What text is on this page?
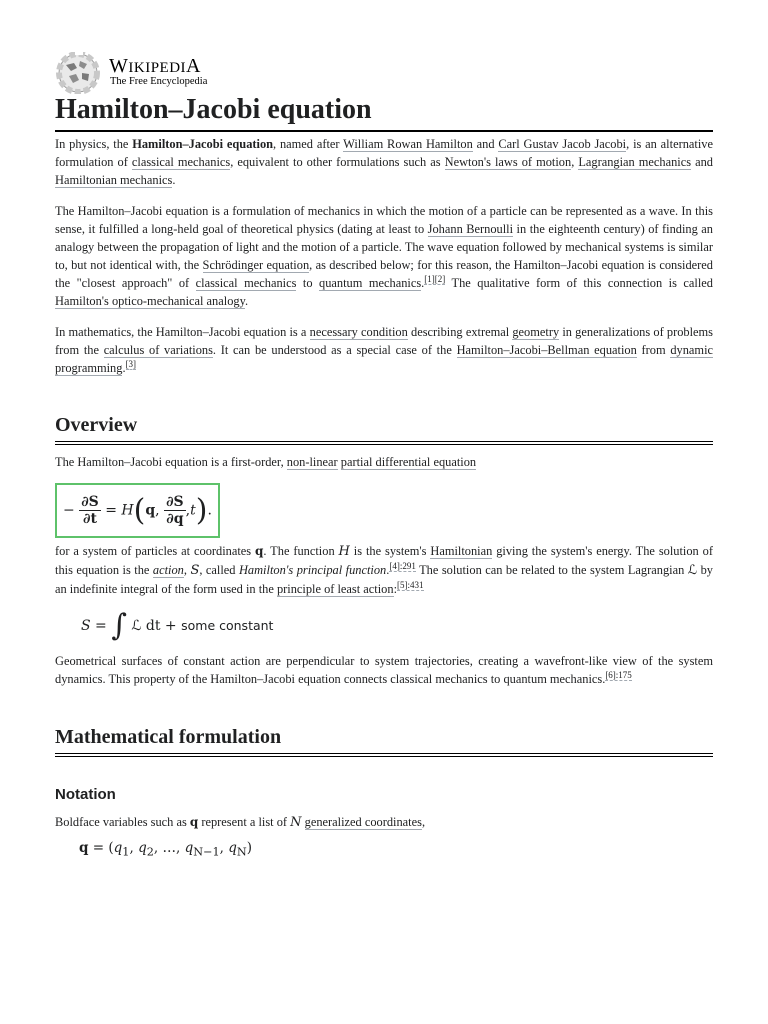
WIKIPEDIA
The Free Encyclopedia
Hamilton–Jacobi equation

In physics, the Hamilton–Jacobi equation, named after William Rowan Hamilton and Carl Gustav Jacob Jacobi, is an alternative formulation of classical mechanics, equivalent to other formulations such as Newton's laws of motion, Lagrangian mechanics and Hamiltonian mechanics.

The Hamilton–Jacobi equation is a formulation of mechanics in which the motion of a particle can be represented as a wave. In this sense, it fulfilled a long-held goal of theoretical physics (dating at least to Johann Bernoulli in the eighteenth century) of finding an analogy between the propagation of light and the motion of a particle. The wave equation followed by mechanical systems is similar to, but not identical with, the Schrödinger equation, as described below; for this reason, the Hamilton–Jacobi equation is considered the "closest approach" of classical mechanics to quantum mechanics.[1][2] The qualitative form of this connection is called Hamilton's optico-mechanical analogy.

In mathematics, the Hamilton–Jacobi equation is a necessary condition describing extremal geometry in generalizations of problems from the calculus of variations. It can be understood as a special case of the Hamilton–Jacobi–Bellman equation from dynamic programming.[3]

Overview

The Hamilton–Jacobi equation is a first-order, non-linear partial differential equation

− $\frac{\partial S}{\partial t} = H(q$, $\frac{\partial S}{\partial q} ,t$).

for a system of particles at coordinates q. The function H is the system's Hamiltonian giving the system's energy. The solution of this equation is the action, S, called Hamilton's principal function.$^{[4]:291}$ The solution can be related to the system Lagrangian ℒ by an indefinite integral of the form used in the principle of least action:$^{[5]:431}$

S = ∫ ℒ dt + some constant

Geometrical surfaces of constant action are perpendicular to system trajectories, creating a wavefront-like view of the system dynamics. This property of the Hamilton–Jacobi equation connects classical mechanics to quantum mechanics.$^{[6]:175}$

Mathematical formulation
Notation

Boldface variables such as q represent a list of N generalized coordinates,

$q = (q_1$, $q_2$, …, $q_{N-1}$, $q_N$)
